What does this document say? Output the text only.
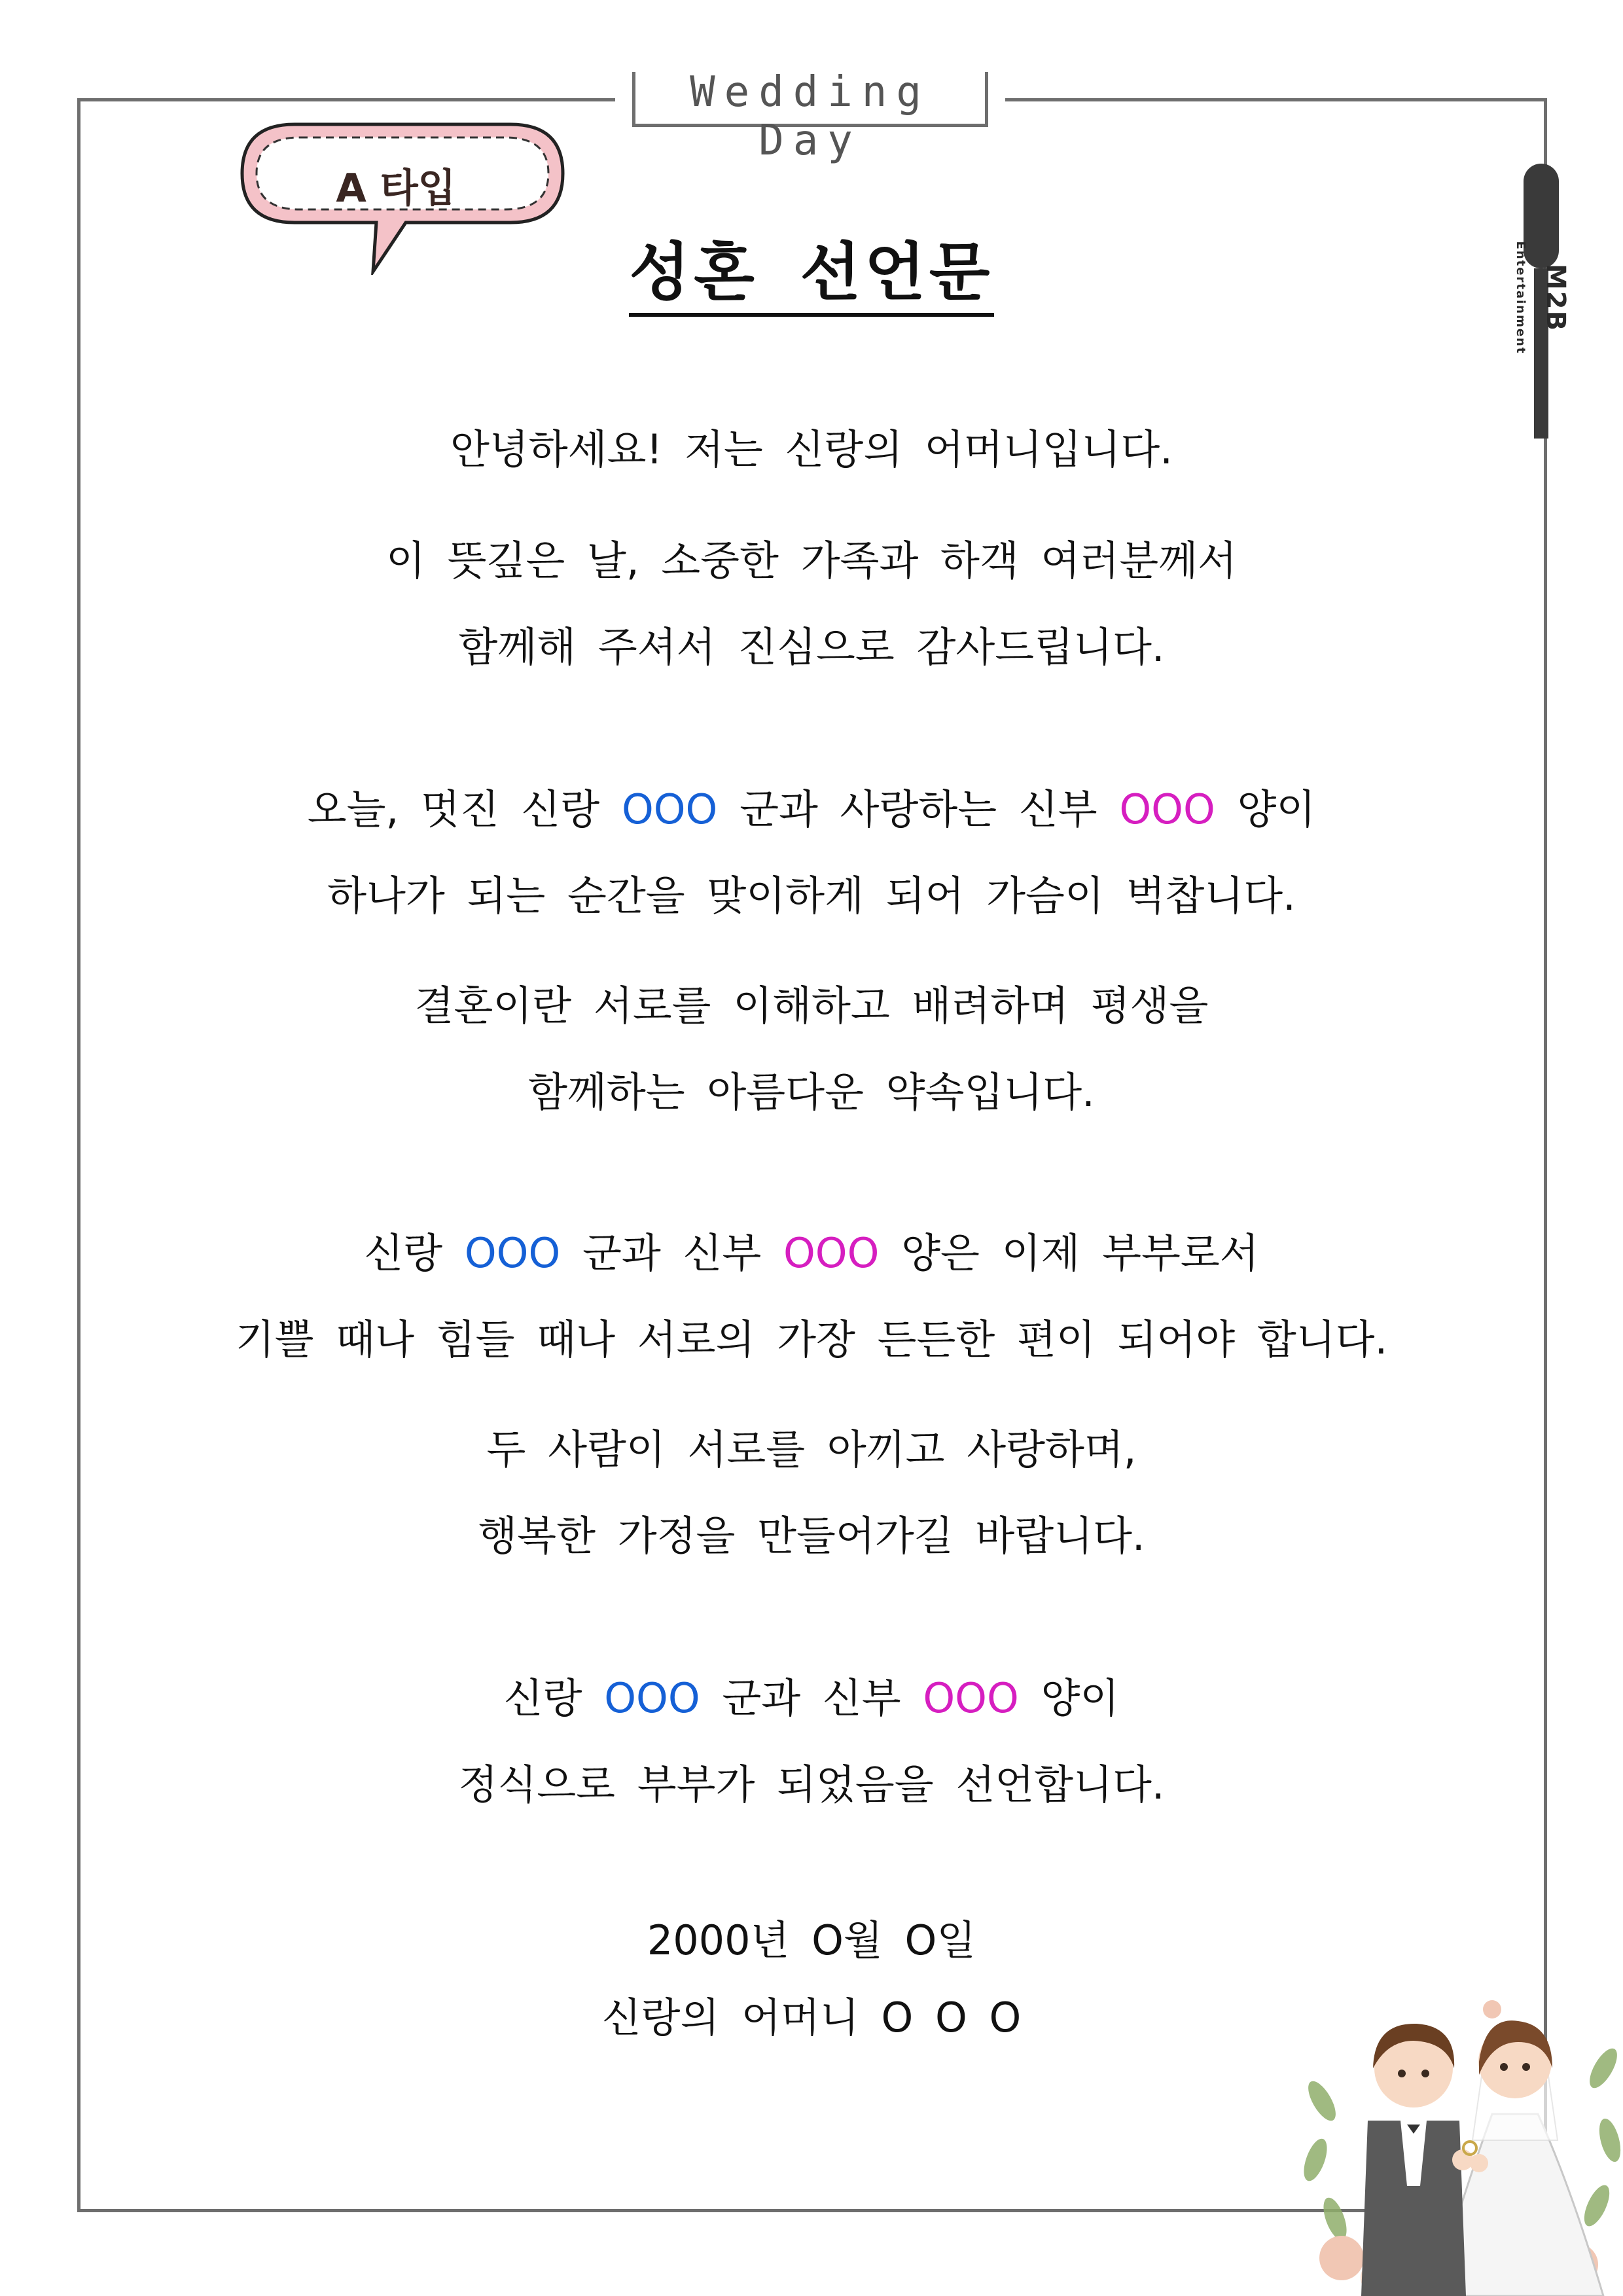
Wedding Day
A 타입
M2B Entertainment
성혼 선언문
안녕하세요! 저는 신랑의 어머니입니다.
이 뜻깊은 날, 소중한 가족과 하객 여러분께서
함께해 주셔서 진심으로 감사드립니다.
오늘, 멋진 신랑 OOO 군과 사랑하는 신부 OOO 양이
하나가 되는 순간을 맞이하게 되어 가슴이 벅찹니다.
결혼이란 서로를 이해하고 배려하며 평생을
함께하는 아름다운 약속입니다.
신랑 OOO 군과 신부 OOO 양은 이제 부부로서
기쁠 때나 힘들 때나 서로의 가장 든든한 편이 되어야 합니다.
두 사람이 서로를 아끼고 사랑하며,
행복한 가정을 만들어가길 바랍니다.
신랑 OOO 군과 신부 OOO 양이
정식으로 부부가 되었음을 선언합니다.
2000년 O월 O일
신랑의 어머니 O O O
